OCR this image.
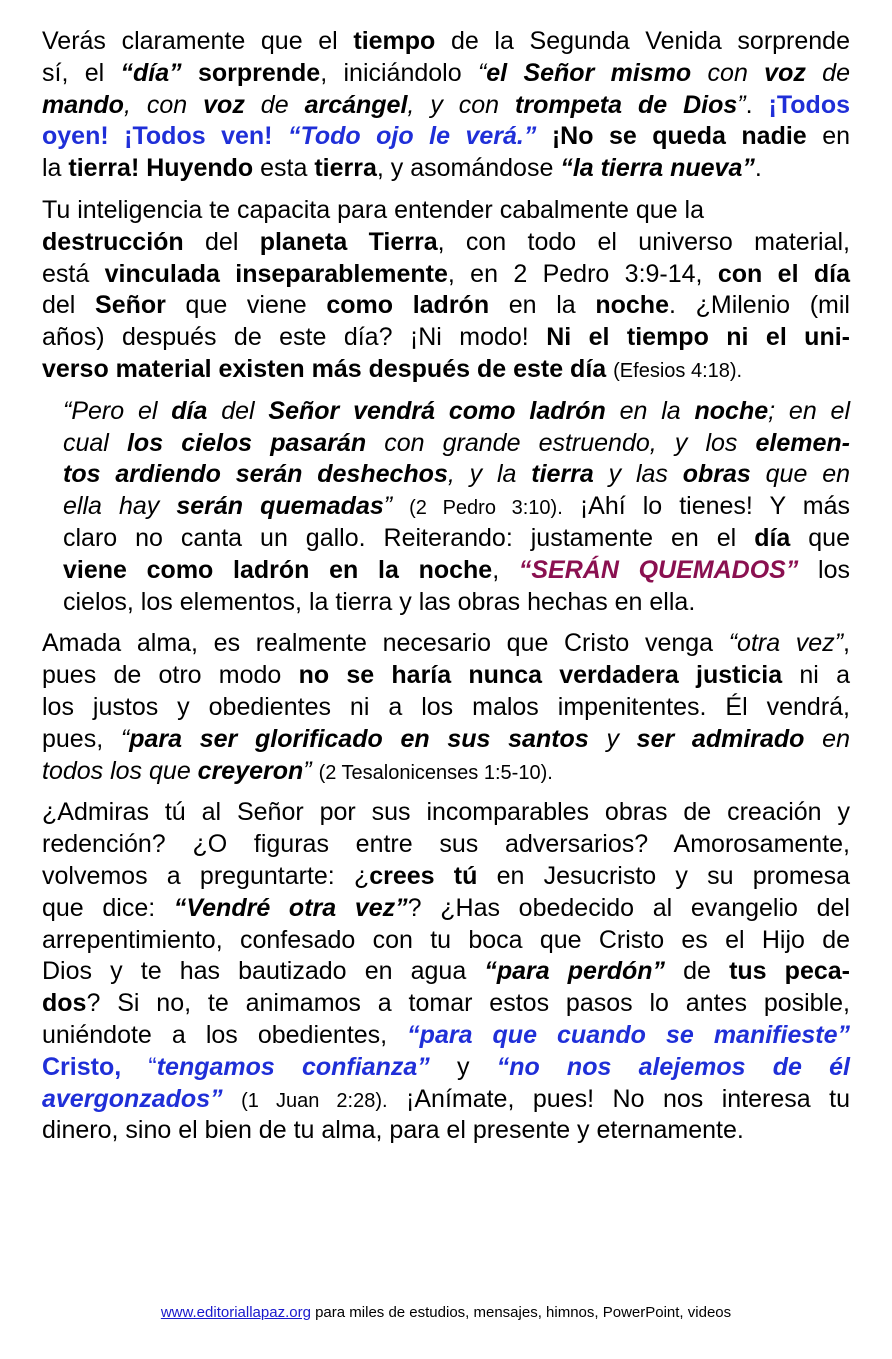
Verás claramente que el tiempo de la Segunda Venida sorprende
sí, el “día” sorprende, iniciándolo “el Señor mismo con voz de
mando, con voz de arcángel, y con trompeta de Dios”. ¡Todos
oyen! ¡Todos ven! “Todo ojo le verá.” ¡No se queda nadie en
la tierra! Huyendo esta tierra, y asomándose “la tierra nueva”.
Tu inteligencia te capacita para entender cabalmente que la
destrucción del planeta Tierra, con todo el universo material,
está vinculada inseparablemente, en 2 Pedro 3:9-14, con el día
del Señor que viene como ladrón en la noche. ¿Milenio (mil
años) después de este día? ¡Ni modo! Ni el tiempo ni el uni-
verso material existen más después de este día (Efesios 4:18).
“Pero el día del Señor vendrá como ladrón en la noche; en el
cual los cielos pasarán con grande estruendo, y los elemen-
tos ardiendo serán deshechos, y la tierra y las obras que en
ella hay serán quemadas” (2 Pedro 3:10). ¡Ahí lo tienes! Y más
claro no canta un gallo. Reiterando: justamente en el día que
viene como ladrón en la noche, “SERÁN QUEMADOS” los
cielos, los elementos, la tierra y las obras hechas en ella.
Amada alma, es realmente necesario que Cristo venga “otra vez”,
pues de otro modo no se haría nunca verdadera justicia ni a
los justos y obedientes ni a los malos impenitentes. Él vendrá,
pues, “para ser glorificado en sus santos y ser admirado en
todos los que creyeron” (2 Tesalonicenses 1:5-10).
¿Admiras tú al Señor por sus incomparables obras de creación y
redención? ¿O figuras entre sus adversarios? Amorosamente,
volvemos a preguntarte: ¿crees tú en Jesucristo y su promesa
que dice: “Vendré otra vez”? ¿Has obedecido al evangelio del
arrepentimiento, confesado con tu boca que Cristo es el Hijo de
Dios y te has bautizado en agua “para perdón” de tus peca-
dos? Si no, te animamos a tomar estos pasos lo antes posible,
uniéndote a los obedientes, “para que cuando se manifieste”
Cristo, “tengamos confianza” y “no nos alejemos de él
avergonzados” (1 Juan 2:28). ¡Anímate, pues! No nos interesa tu
dinero, sino el bien de tu alma, para el presente y eternamente.
www.editoriallapaz.org para miles de estudios, mensajes, himnos, PowerPoint, videos
